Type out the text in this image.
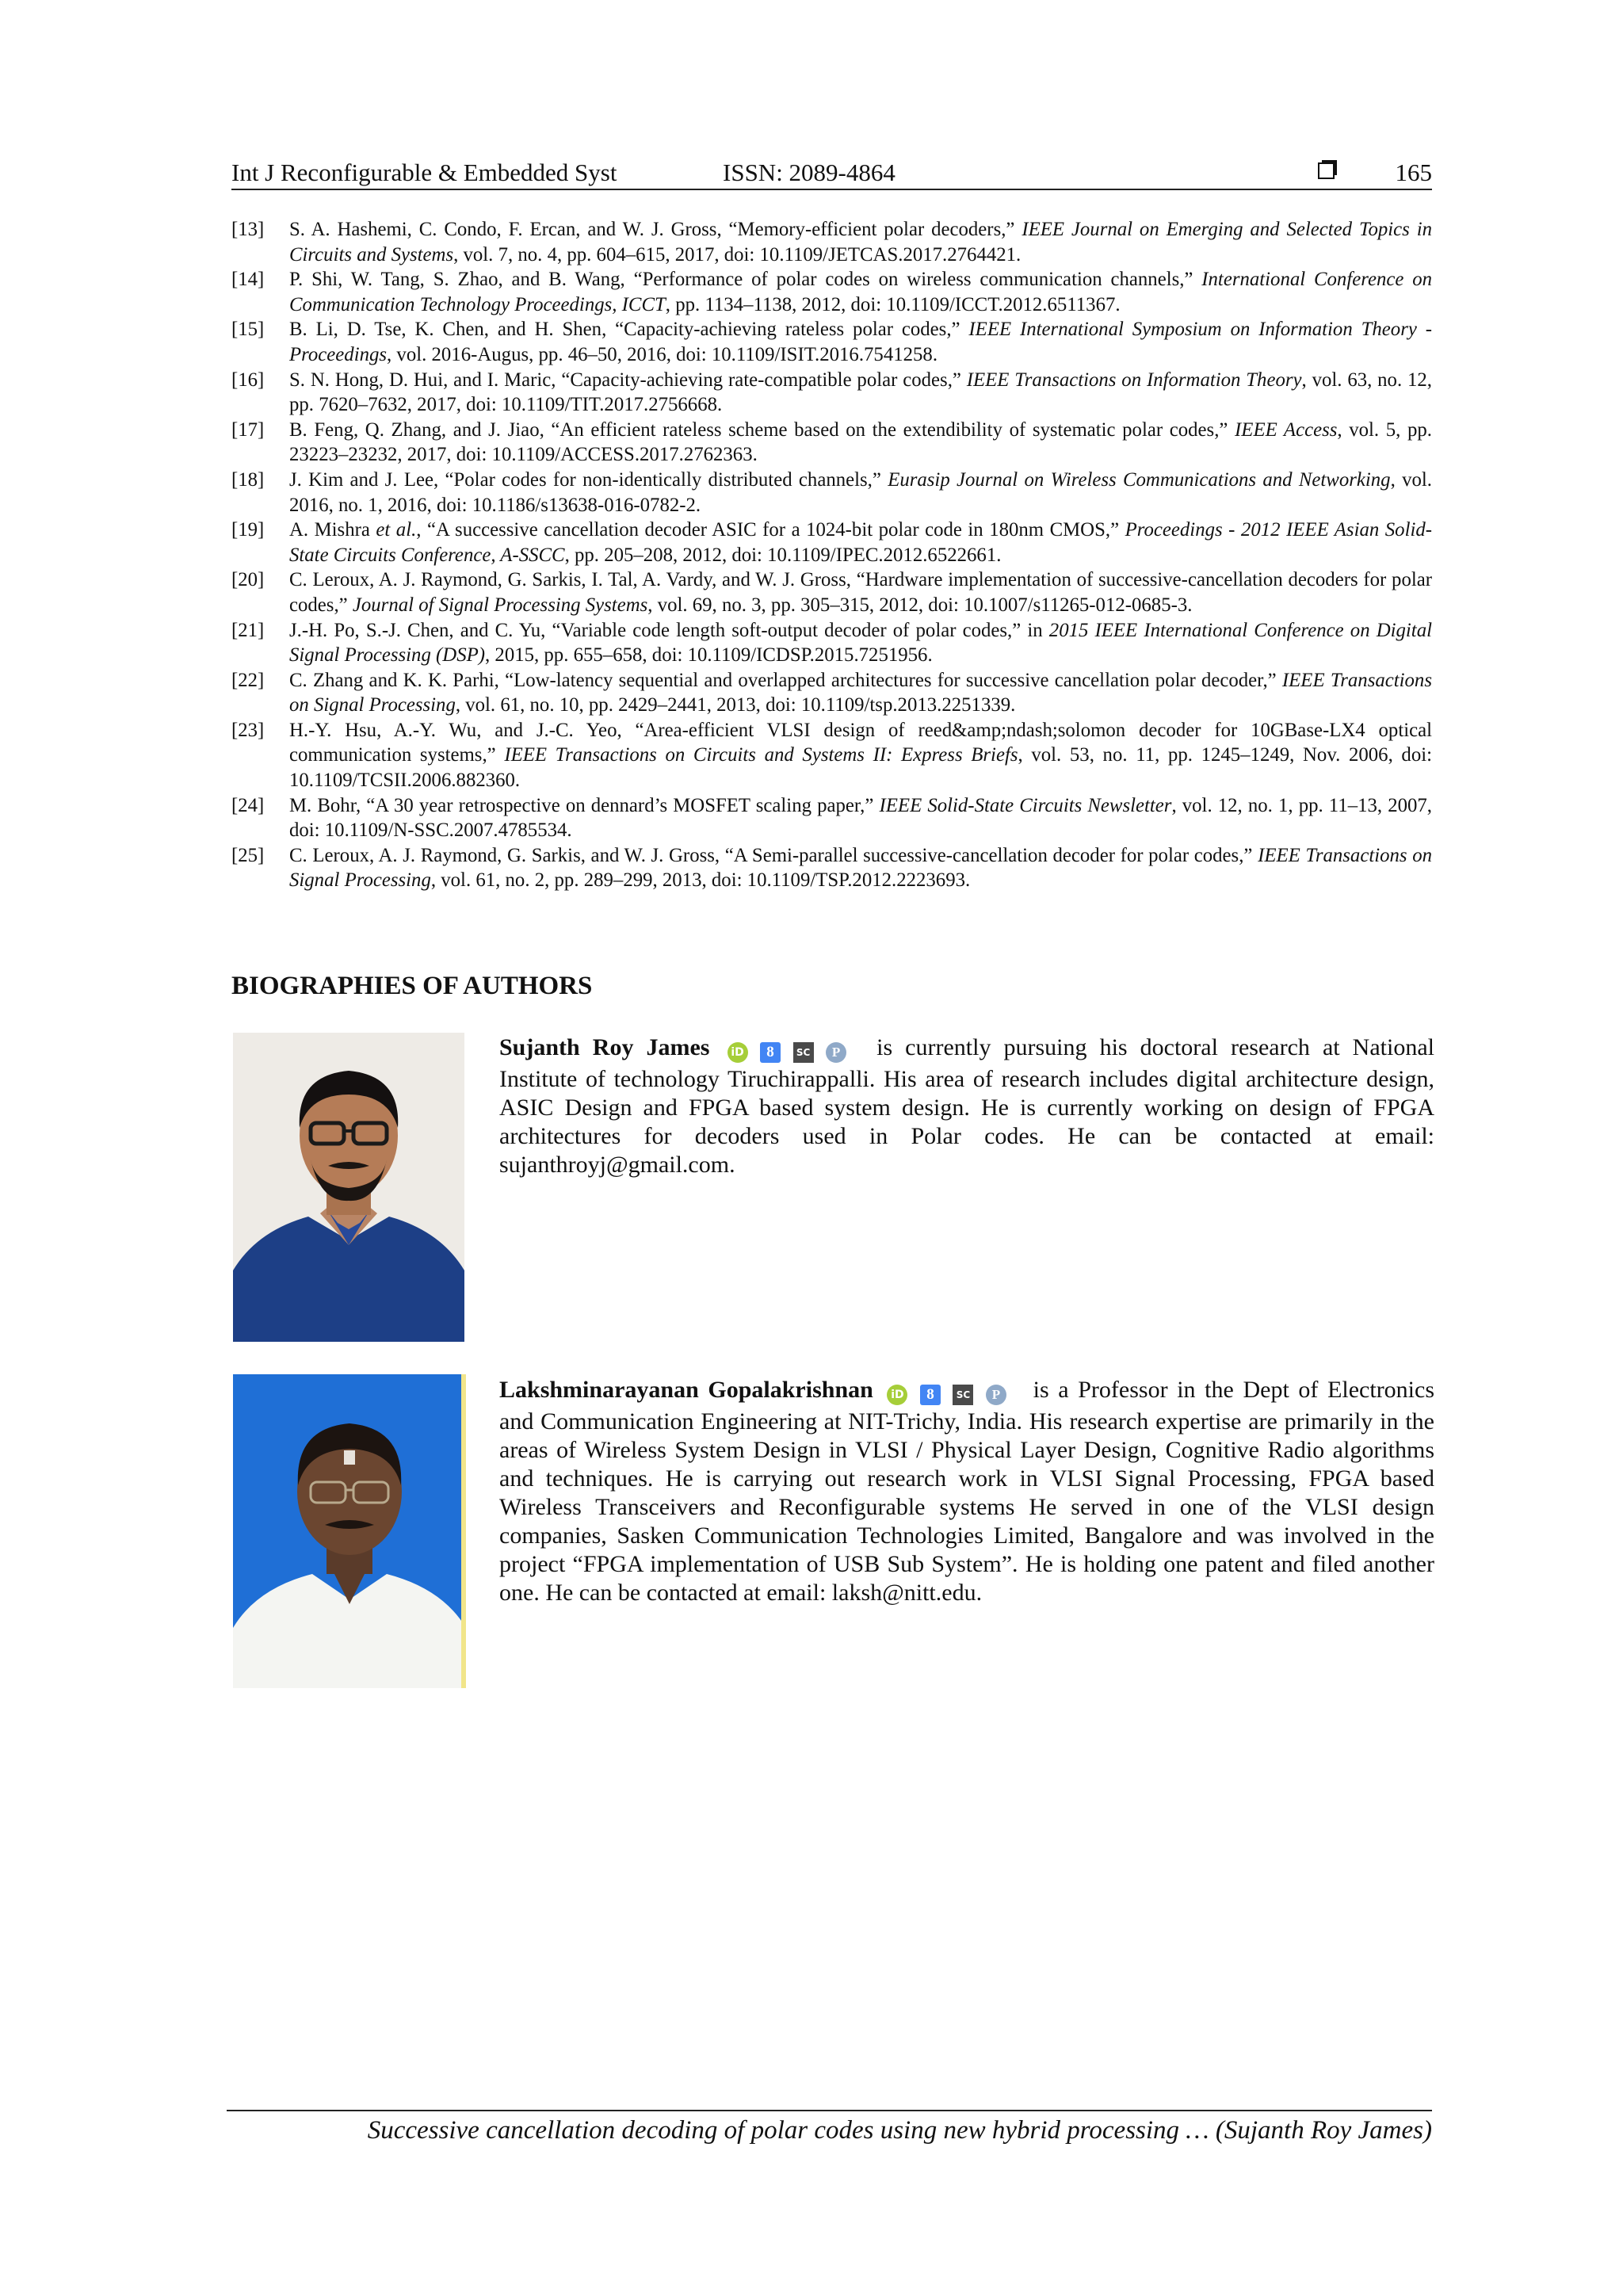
Int J Reconfigurable & Embedded Syst	ISSN: 2089-4864	165
[13]	S. A. Hashemi, C. Condo, F. Ercan, and W. J. Gross, “Memory-efficient polar decoders,” IEEE Journal on Emerging and Selected Topics in Circuits and Systems, vol. 7, no. 4, pp. 604–615, 2017, doi: 10.1109/JETCAS.2017.2764421.
[14]	P. Shi, W. Tang, S. Zhao, and B. Wang, “Performance of polar codes on wireless communication channels,” International Conference on Communication Technology Proceedings, ICCT, pp. 1134–1138, 2012, doi: 10.1109/ICCT.2012.6511367.
[15]	B. Li, D. Tse, K. Chen, and H. Shen, “Capacity-achieving rateless polar codes,” IEEE International Symposium on Information Theory - Proceedings, vol. 2016-Augus, pp. 46–50, 2016, doi: 10.1109/ISIT.2016.7541258.
[16]	S. N. Hong, D. Hui, and I. Maric, “Capacity-achieving rate-compatible polar codes,” IEEE Transactions on Information Theory, vol. 63, no. 12, pp. 7620–7632, 2017, doi: 10.1109/TIT.2017.2756668.
[17]	B. Feng, Q. Zhang, and J. Jiao, “An efficient rateless scheme based on the extendibility of systematic polar codes,” IEEE Access, vol. 5, pp. 23223–23232, 2017, doi: 10.1109/ACCESS.2017.2762363.
[18]	J. Kim and J. Lee, “Polar codes for non-identically distributed channels,” Eurasip Journal on Wireless Communications and Networking, vol. 2016, no. 1, 2016, doi: 10.1186/s13638-016-0782-2.
[19]	A. Mishra et al., “A successive cancellation decoder ASIC for a 1024-bit polar code in 180nm CMOS,” Proceedings - 2012 IEEE Asian Solid-State Circuits Conference, A-SSCC, pp. 205–208, 2012, doi: 10.1109/IPEC.2012.6522661.
[20]	C. Leroux, A. J. Raymond, G. Sarkis, I. Tal, A. Vardy, and W. J. Gross, “Hardware implementation of successive-cancellation decoders for polar codes,” Journal of Signal Processing Systems, vol. 69, no. 3, pp. 305–315, 2012, doi: 10.1007/s11265-012-0685-3.
[21]	J.-H. Po, S.-J. Chen, and C. Yu, “Variable code length soft-output decoder of polar codes,” in 2015 IEEE International Conference on Digital Signal Processing (DSP), 2015, pp. 655–658, doi: 10.1109/ICDSP.2015.7251956.
[22]	C. Zhang and K. K. Parhi, “Low-latency sequential and overlapped architectures for successive cancellation polar decoder,” IEEE Transactions on Signal Processing, vol. 61, no. 10, pp. 2429–2441, 2013, doi: 10.1109/tsp.2013.2251339.
[23]	H.-Y. Hsu, A.-Y. Wu, and J.-C. Yeo, “Area-efficient VLSI design of reed&amp;ndash;solomon decoder for 10GBase-LX4 optical communication systems,” IEEE Transactions on Circuits and Systems II: Express Briefs, vol. 53, no. 11, pp. 1245–1249, Nov. 2006, doi: 10.1109/TCSII.2006.882360.
[24]	M. Bohr, “A 30 year retrospective on dennard’s MOSFET scaling paper,” IEEE Solid-State Circuits Newsletter, vol. 12, no. 1, pp. 11–13, 2007, doi: 10.1109/N-SSC.2007.4785534.
[25]	C. Leroux, A. J. Raymond, G. Sarkis, and W. J. Gross, “A Semi-parallel successive-cancellation decoder for polar codes,” IEEE Transactions on Signal Processing, vol. 61, no. 2, pp. 289–299, 2013, doi: 10.1109/TSP.2012.2223693.
BIOGRAPHIES OF AUTHORS
Sujanth Roy James iD 8 SC P is currently pursuing his doctoral research at National Institute of technology Tiruchirappalli. His area of research includes digital architecture design, ASIC Design and FPGA based system design. He is currently working on design of FPGA architectures for decoders used in Polar codes. He can be contacted at email: sujanthroyj@gmail.com.
Lakshminarayanan Gopalakrishnan iD 8 SC P is a Professor in the Dept of Electronics and Communication Engineering at NIT-Trichy, India. His research expertise are primarily in the areas of Wireless System Design in VLSI / Physical Layer Design, Cognitive Radio algorithms and techniques. He is carrying out research work in VLSI Signal Processing, FPGA based Wireless Transceivers and Reconfigurable systems He served in one of the VLSI design companies, Sasken Communication Technologies Limited, Bangalore and was involved in the project “FPGA implementation of USB Sub System”. He is holding one patent and filed another one. He can be contacted at email: laksh@nitt.edu.
Successive cancellation decoding of polar codes using new hybrid processing … (Sujanth Roy James)
